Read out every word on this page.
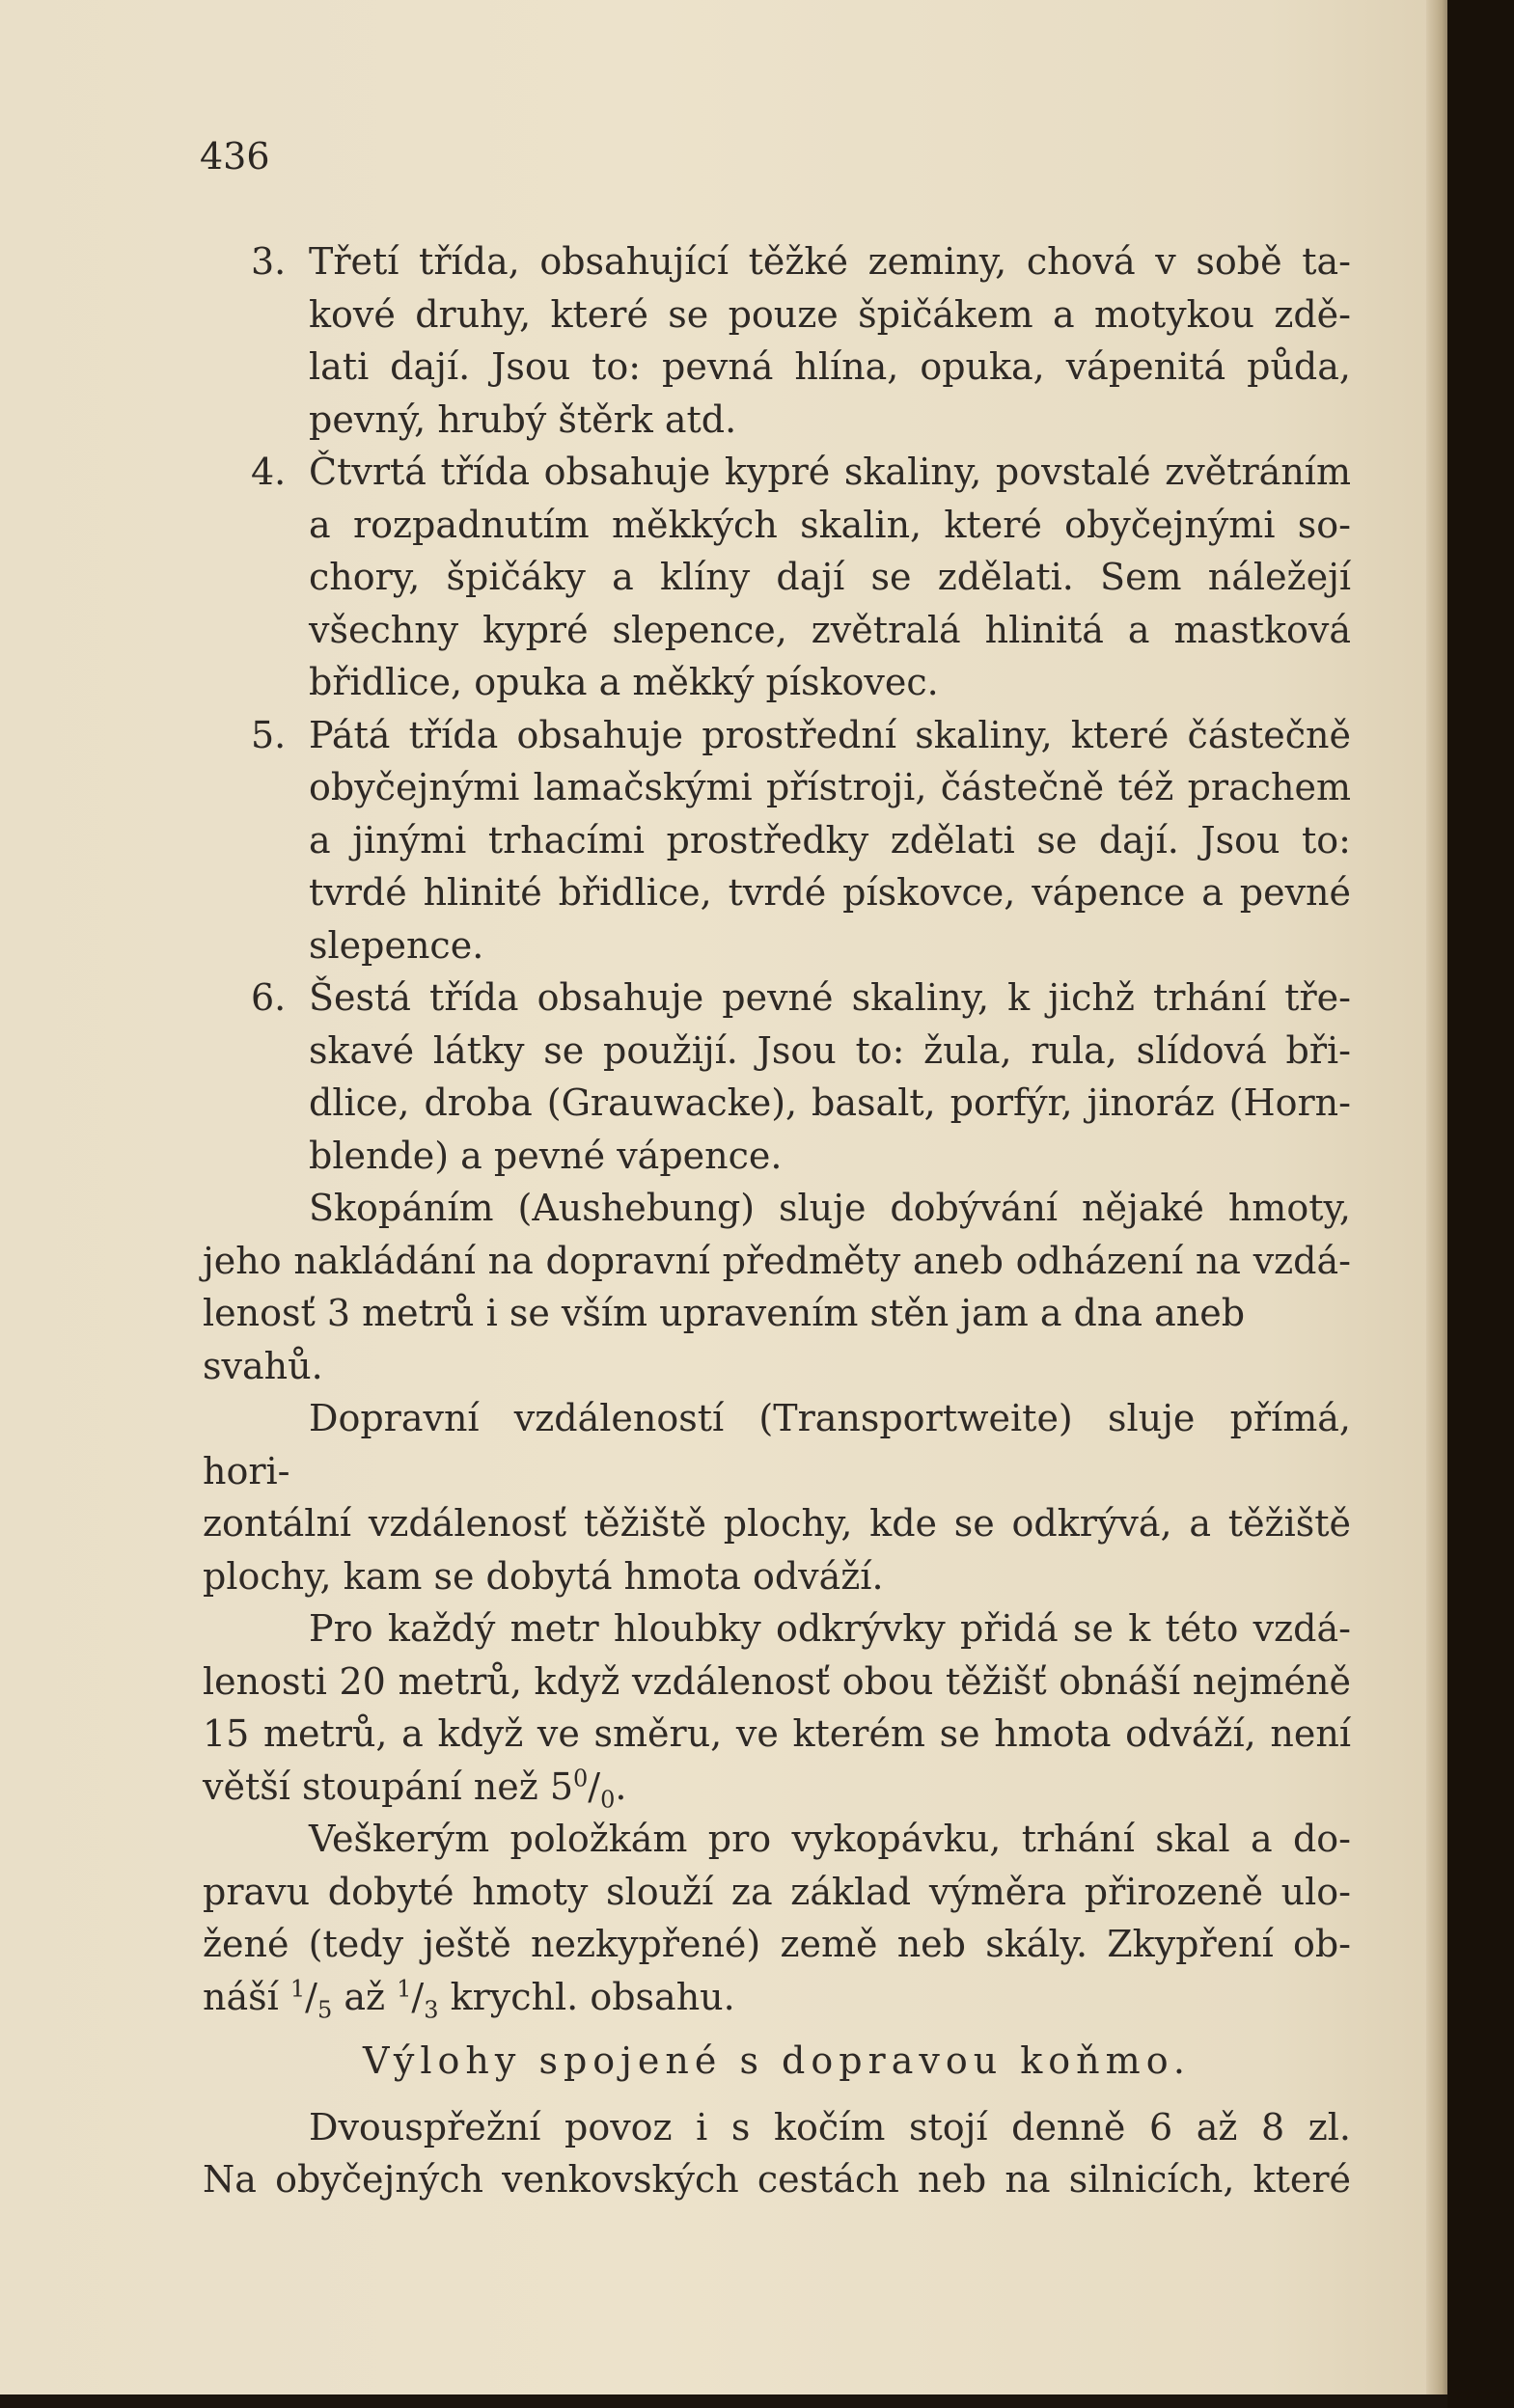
436

3. Třetí třída, obsahující těžké zeminy, chová v sobě ta-
kové druhy, které se pouze špičákem a motykou zdě-
lati dají. Jsou to: pevná hlína, opuka, vápenitá půda,
pevný, hrubý štěrk atd.
4. Čtvrtá třída obsahuje kypré skaliny, povstalé zvětráním
a rozpadnutím měkkých skalin, které obyčejnými so-
chory, špičáky a klíny dají se zdělati. Sem náležejí
všechny kypré slepence, zvětralá hlinitá a mastková
břidlice, opuka a měkký pískovec.
5. Pátá třída obsahuje prostřední skaliny, které částečně
obyčejnými lamačskými přístroji, částečně též prachem
a jinými trhacími prostředky zdělati se dají. Jsou to:
tvrdé hlinité břidlice, tvrdé pískovce, vápence a pevné
slepence.
6. Šestá třída obsahuje pevné skaliny, k jichž trhání tře-
skavé látky se použijí. Jsou to: žula, rula, slídová bři-
dlice, droba (Grauwacke), basalt, porfýr, jinoráz (Horn-
blende) a pevné vápence.
Skopáním (Aushebung) sluje dobývání nějaké hmoty,
jeho nakládání na dopravní předměty aneb odházení na vzdá-
lenosť 3 metrů i se vším upravením stěn jam a dna aneb svahů.
Dopravní vzdáleností (Transportweite) sluje přímá, hori-
zontální vzdálenosť těžiště plochy, kde se odkrývá, a těžiště
plochy, kam se dobytá hmota odváží.
Pro každý metr hloubky odkrývky přidá se k této vzdá-
lenosti 20 metrů, když vzdálenosť obou těžišť obnáší nejméně
15 metrů, a když ve směru, ve kterém se hmota odváží, není
větší stoupání než $5^0/_0$.
Veškerým položkám pro vykopávku, trhání skal a do-
pravu dobyté hmoty slouží za základ výměra přirozeně ulo-
žené (tedy ještě nezkypřené) země neb skály. Zkypření ob-
náší $^1/_5$ až $^1/_3$ krychl. obsahu.
Výlohy spojené s dopravou koňmo.
Dvouspřežní povoz i s kočím stojí denně 6 až 8 zl.
Na obyčejných venkovských cestách neb na silnicích, které
